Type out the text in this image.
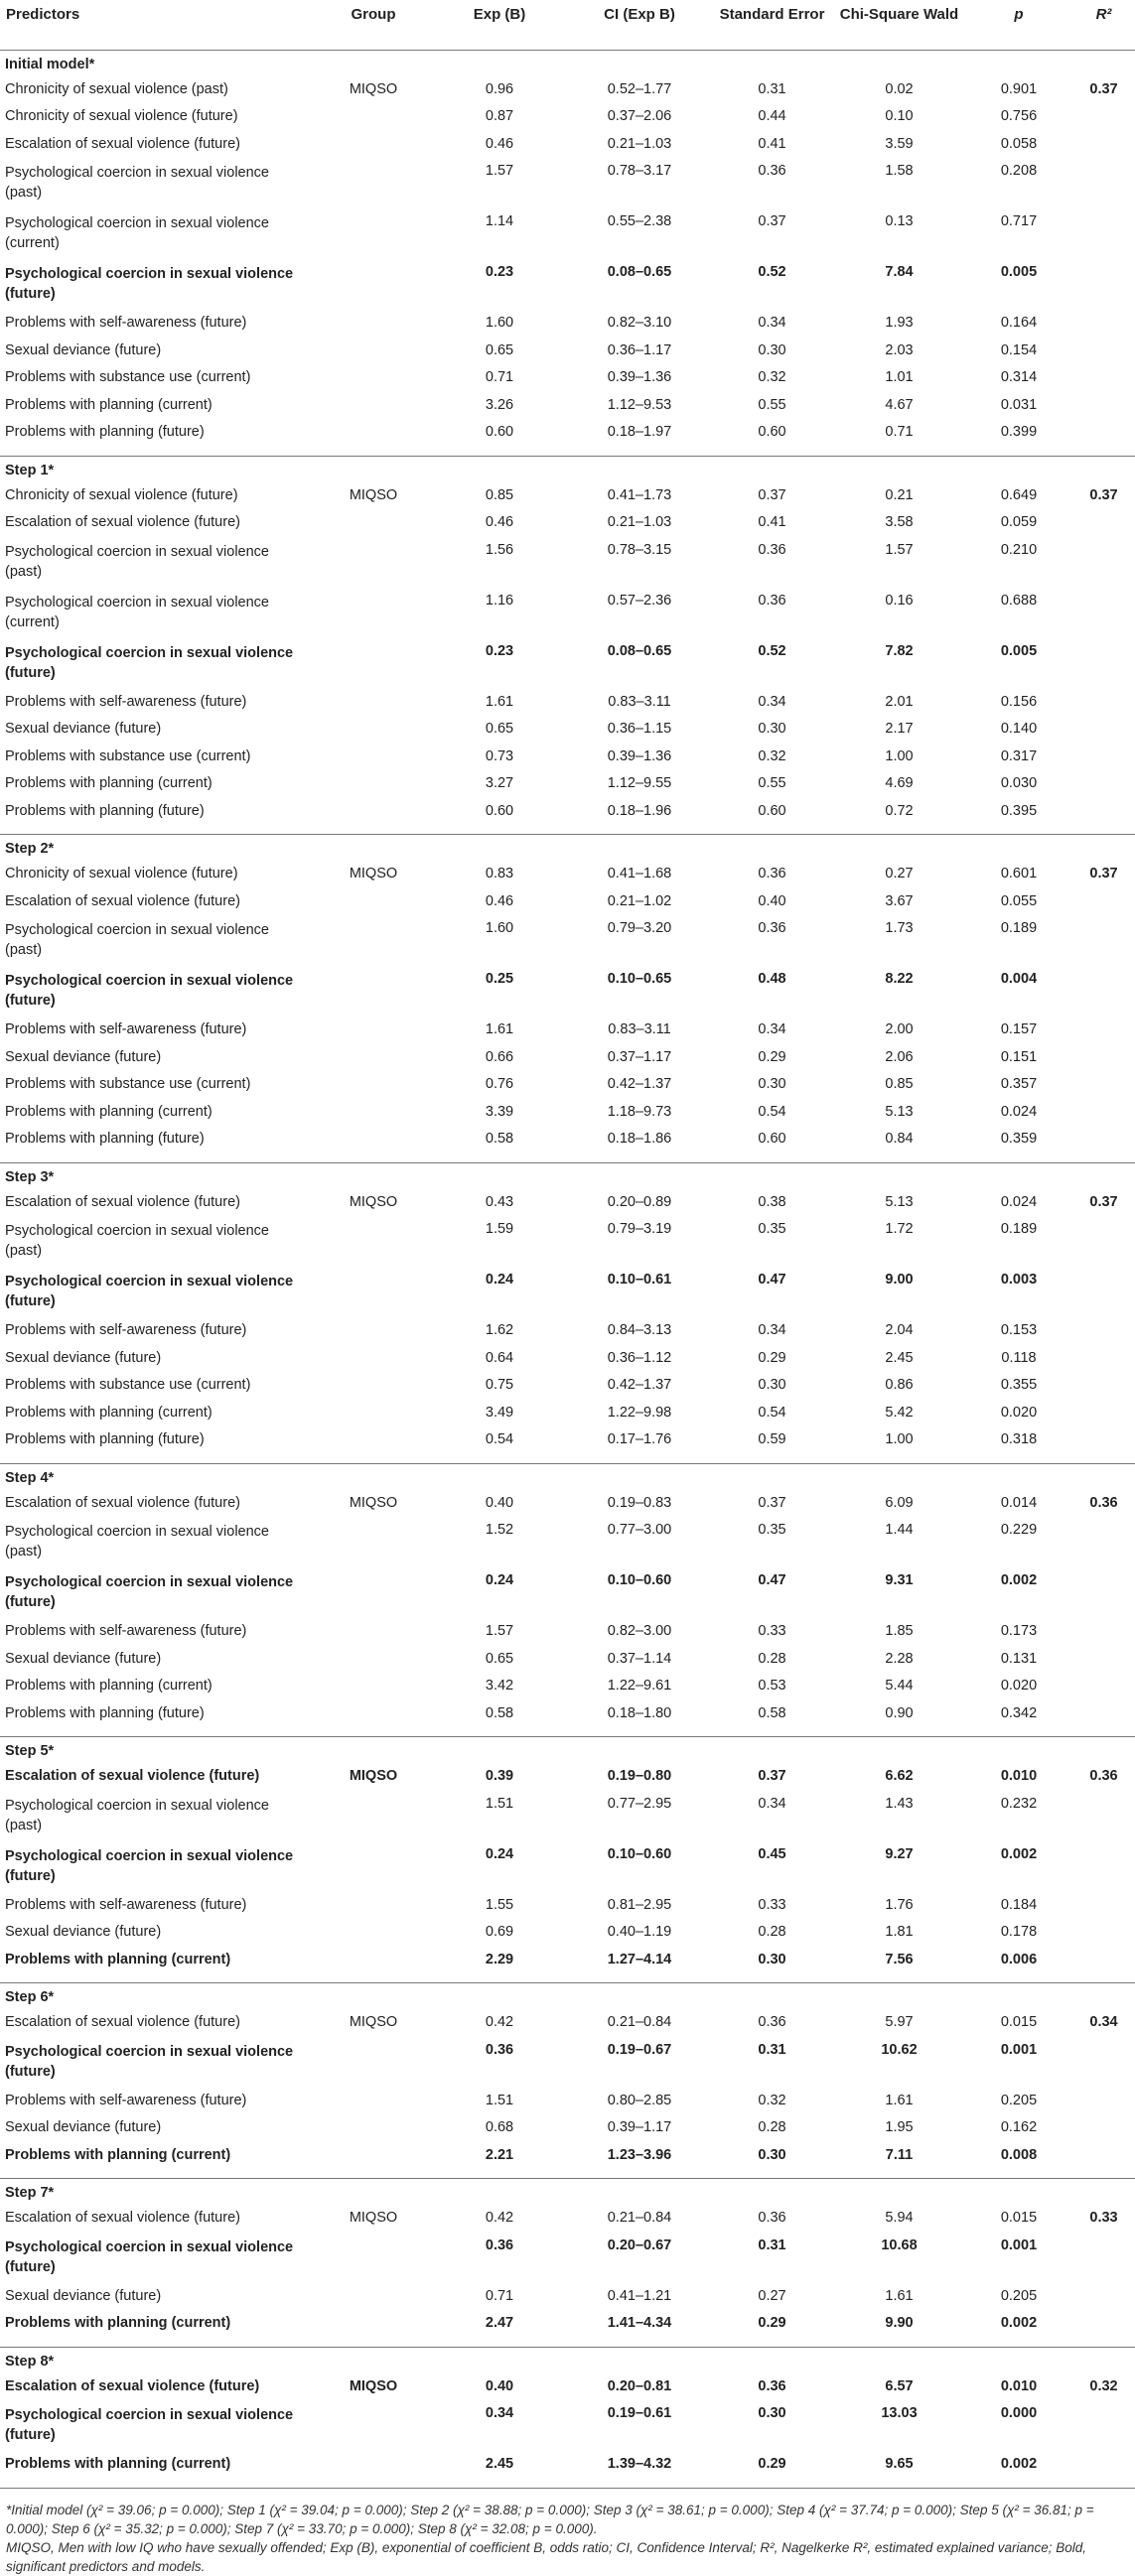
Predictors	Group	Exp (B)	CI (Exp B)	Standard Error	Chi-Square Wald	p	R²
Initial model*							
Chronicity of sexual violence (past)	MIQSO	0.96	0.52–1.77	0.31	0.02	0.901	0.37
Chronicity of sexual violence (future)		0.87	0.37–2.06	0.44	0.10	0.756	
Escalation of sexual violence (future)		0.46	0.21–1.03	0.41	3.59	0.058	
Psychological coercion in sexual violence (past)		1.57	0.78–3.17	0.36	1.58	0.208	
Psychological coercion in sexual violence (current)		1.14	0.55–2.38	0.37	0.13	0.717	
Psychological coercion in sexual violence (future)		0.23	0.08–0.65	0.52	7.84	0.005	
Problems with self-awareness (future)		1.60	0.82–3.10	0.34	1.93	0.164	
Sexual deviance (future)		0.65	0.36–1.17	0.30	2.03	0.154	
Problems with substance use (current)		0.71	0.39–1.36	0.32	1.01	0.314	
Problems with planning (current)		3.26	1.12–9.53	0.55	4.67	0.031	
Problems with planning (future)		0.60	0.18–1.97	0.60	0.71	0.399	

Step 1*							
Chronicity of sexual violence (future)	MIQSO	0.85	0.41–1.73	0.37	0.21	0.649	0.37
Escalation of sexual violence (future)		0.46	0.21–1.03	0.41	3.58	0.059	
Psychological coercion in sexual violence (past)		1.56	0.78–3.15	0.36	1.57	0.210	
Psychological coercion in sexual violence (current)		1.16	0.57–2.36	0.36	0.16	0.688	
Psychological coercion in sexual violence (future)		0.23	0.08–0.65	0.52	7.82	0.005	
Problems with self-awareness (future)		1.61	0.83–3.11	0.34	2.01	0.156	
Sexual deviance (future)		0.65	0.36–1.15	0.30	2.17	0.140	
Problems with substance use (current)		0.73	0.39–1.36	0.32	1.00	0.317	
Problems with planning (current)		3.27	1.12–9.55	0.55	4.69	0.030	
Problems with planning (future)		0.60	0.18–1.96	0.60	0.72	0.395	

Step 2*							
Chronicity of sexual violence (future)	MIQSO	0.83	0.41–1.68	0.36	0.27	0.601	0.37
Escalation of sexual violence (future)		0.46	0.21–1.02	0.40	3.67	0.055	
Psychological coercion in sexual violence (past)		1.60	0.79–3.20	0.36	1.73	0.189	
Psychological coercion in sexual violence (future)		0.25	0.10–0.65	0.48	8.22	0.004	
Problems with self-awareness (future)		1.61	0.83–3.11	0.34	2.00	0.157	
Sexual deviance (future)		0.66	0.37–1.17	0.29	2.06	0.151	
Problems with substance use (current)		0.76	0.42–1.37	0.30	0.85	0.357	
Problems with planning (current)		3.39	1.18–9.73	0.54	5.13	0.024	
Problems with planning (future)		0.58	0.18–1.86	0.60	0.84	0.359	

Step 3*							
Escalation of sexual violence (future)	MIQSO	0.43	0.20–0.89	0.38	5.13	0.024	0.37
Psychological coercion in sexual violence (past)		1.59	0.79–3.19	0.35	1.72	0.189	
Psychological coercion in sexual violence (future)		0.24	0.10–0.61	0.47	9.00	0.003	
Problems with self-awareness (future)		1.62	0.84–3.13	0.34	2.04	0.153	
Sexual deviance (future)		0.64	0.36–1.12	0.29	2.45	0.118	
Problems with substance use (current)		0.75	0.42–1.37	0.30	0.86	0.355	
Problems with planning (current)		3.49	1.22–9.98	0.54	5.42	0.020	
Problems with planning (future)		0.54	0.17–1.76	0.59	1.00	0.318	

Step 4*							
Escalation of sexual violence (future)	MIQSO	0.40	0.19–0.83	0.37	6.09	0.014	0.36
Psychological coercion in sexual violence (past)		1.52	0.77–3.00	0.35	1.44	0.229	
Psychological coercion in sexual violence (future)		0.24	0.10–0.60	0.47	9.31	0.002	
Problems with self-awareness (future)		1.57	0.82–3.00	0.33	1.85	0.173	
Sexual deviance (future)		0.65	0.37–1.14	0.28	2.28	0.131	
Problems with planning (current)		3.42	1.22–9.61	0.53	5.44	0.020	
Problems with planning (future)		0.58	0.18–1.80	0.58	0.90	0.342	

Step 5*							
Escalation of sexual violence (future)	MIQSO	0.39	0.19–0.80	0.37	6.62	0.010	0.36
Psychological coercion in sexual violence (past)		1.51	0.77–2.95	0.34	1.43	0.232	
Psychological coercion in sexual violence (future)		0.24	0.10–0.60	0.45	9.27	0.002	
Problems with self-awareness (future)		1.55	0.81–2.95	0.33	1.76	0.184	
Sexual deviance (future)		0.69	0.40–1.19	0.28	1.81	0.178	
Problems with planning (current)		2.29	1.27–4.14	0.30	7.56	0.006	

Step 6*							
Escalation of sexual violence (future)	MIQSO	0.42	0.21–0.84	0.36	5.97	0.015	0.34
Psychological coercion in sexual violence (future)		0.36	0.19–0.67	0.31	10.62	0.001	
Problems with self-awareness (future)		1.51	0.80–2.85	0.32	1.61	0.205	
Sexual deviance (future)		0.68	0.39–1.17	0.28	1.95	0.162	
Problems with planning (current)		2.21	1.23–3.96	0.30	7.11	0.008	

Step 7*							
Escalation of sexual violence (future)	MIQSO	0.42	0.21–0.84	0.36	5.94	0.015	0.33
Psychological coercion in sexual violence (future)		0.36	0.20–0.67	0.31	10.68	0.001	
Sexual deviance (future)		0.71	0.41–1.21	0.27	1.61	0.205	
Problems with planning (current)		2.47	1.41–4.34	0.29	9.90	0.002	

Step 8*							
Escalation of sexual violence (future)	MIQSO	0.40	0.20–0.81	0.36	6.57	0.010	0.32
Psychological coercion in sexual violence (future)		0.34	0.19–0.61	0.30	13.03	0.000	
Problems with planning (current)		2.45	1.39–4.32	0.29	9.65	0.002	

*Initial model (χ² = 39.06; p = 0.000); Step 1 (χ² = 39.04; p = 0.000); Step 2 (χ² = 38.88; p = 0.000); Step 3 (χ² = 38.61; p = 0.000); Step 4 (χ² = 37.74; p = 0.000); Step 5 (χ² = 36.81; p = 0.000); Step 6 (χ² = 35.32; p = 0.000); Step 7 (χ² = 33.70; p = 0.000); Step 8 (χ² = 32.08; p = 0.000).

MIQSO, Men with low IQ who have sexually offended; Exp (B), exponential of coefficient B, odds ratio; CI, Confidence Interval; R², Nagelkerke R², estimated explained variance; Bold, significant predictors and models.
